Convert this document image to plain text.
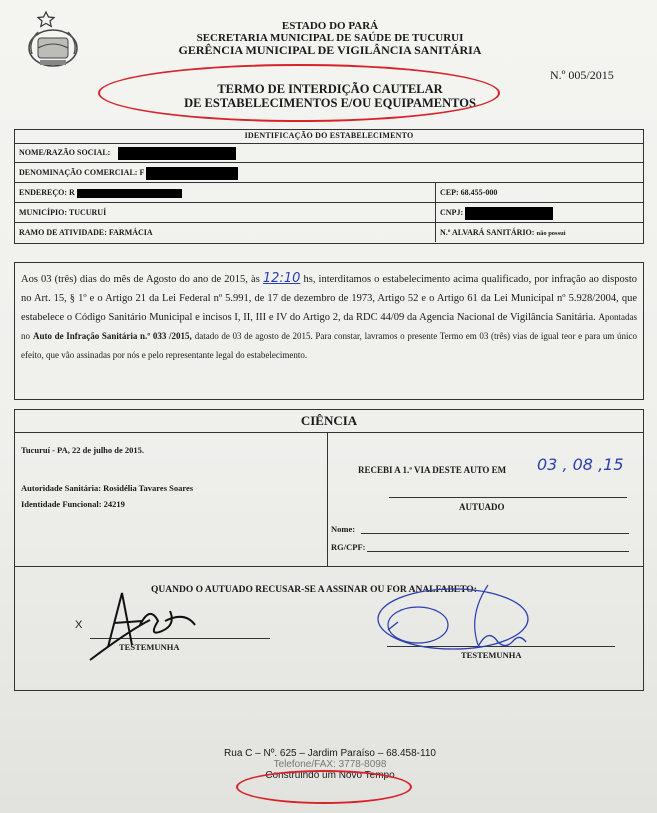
ESTADO DO PARÁ
SECRETARIA MUNICIPAL DE SAÚDE DE TUCURUI
GERÊNCIA MUNICIPAL DE VIGILÂNCIA SANITÁRIA
N.º 005/2015
TERMO DE INTERDIÇÃO CAUTELAR
DE ESTABELECIMENTOS E/OU EQUIPAMENTOS
IDENTIFICAÇÃO DO ESTABELECIMENTO
NOME/RAZÃO SOCIAL:
DENOMINAÇÃO COMERCIAL: F
ENDEREÇO: R	CEP: 68.455-000
MUNICÍPIO: TUCURUÍ	CNPJ:
RAMO DE ATIVIDADE: FARMÁCIA	N.º ALVARÁ SANITÁRIO: não possui
Aos 03 (três) dias do mês de Agosto do ano de 2015, às 12:10 hs, interditamos o estabelecimento acima qualificado, por infração ao disposto no Art. 15, § 1º e o Artigo 21 da Lei Federal nº 5.991, de 17 de dezembro de 1973, Artigo 52 e o Artigo 61 da Lei Municipal nº 5.928/2004, que estabelece o Código Sanitário Municipal e incisos I, II, III e IV do Artigo 2, da RDC 44/09 da Agencia Nacional de Vigilância Sanitária. Apontadas no Auto de Infração Sanitária n.º 033 /2015, datado de 03 de agosto de 2015. Para constar, lavramos o presente Termo em 03 (três) vias de igual teor e para um único efeito, que vão assinadas por nós e pelo representante legal do estabelecimento.
CIÊNCIA
Tucuruí - PA, 22 de julho de 2015.
Autoridade Sanitária: Rosidélia Tavares Soares
Identidade Funcional: 24219
RECEBI A 1.ª VIA DESTE AUTO EM 03 , 08 ,15
AUTUADO
Nome:
RG/CPF:
QUANDO O AUTUADO RECUSAR-SE A ASSINAR OU FOR ANALFABETO:
X
TESTEMUNHA
TESTEMUNHA
Rua C – Nº. 625 – Jardim Paraíso – 68.458-110
Telefone/FAX: 3778-8098
Construindo um Novo Tempo
